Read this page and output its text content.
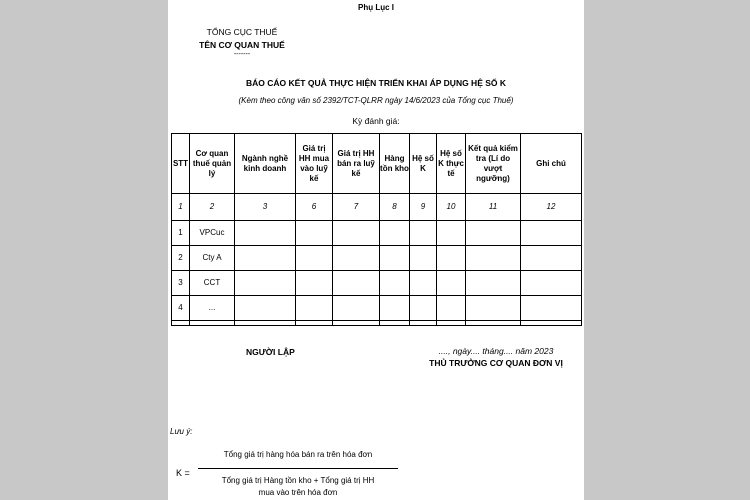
Phụ Lục I
TỔNG CỤC THUẾ
TÊN CƠ QUAN THUẾ
-------
BÁO CÁO KẾT QUẢ THỰC HIỆN TRIỂN KHAI ÁP DỤNG HỆ SỐ K
(Kèm theo công văn số 2392/TCT-QLRR ngày 14/6/2023 của Tổng cục Thuế)
Kỳ đánh giá:
STT	Cơ quan thuế quản lý	Ngành nghề kinh doanh	Giá trị HH mua vào luỹ kế	Giá trị HH bán ra luỹ kế	Hàng tồn kho	Hệ số K	Hệ số K thực tế	Kết quả kiểm tra (Lí do vượt ngưỡng)	Ghi chú
1	2	3	6	7	8	9	10	11	12
1	VPCuc								
2	Cty A								
3	CCT								
4	...								

NGƯỜI LẬP	...., ngày.... tháng.... năm 2023
THỦ TRƯỞNG CƠ QUAN ĐƠN VỊ
Lưu ý:
Tổng giá trị hàng hóa bán ra trên hóa đơn
K =
Tổng giá trị Hàng tồn kho + Tổng giá trị HH
mua vào trên hóa đơn
